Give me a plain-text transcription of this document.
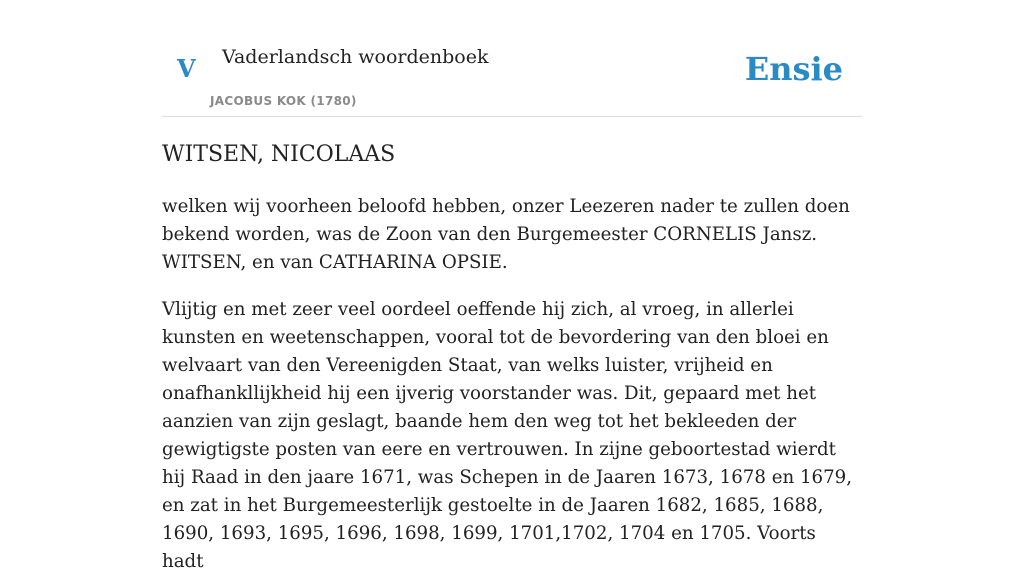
V Vaderlandsch woordenboek
JACOBUS KOK (1780)
Ensie
WITSEN, NICOLAAS

welken wij voorheen beloofd hebben, onzer Leezeren nader te zullen doen bekend worden, was de Zoon van den Burgemeester CORNELIS Jansz. WITSEN, en van CATHARINA OPSIE.

Vlijtig en met zeer veel oordeel oeffende hij zich, al vroeg, in allerlei kunsten en weetenschappen, vooral tot de bevordering van den bloei en welvaart van den Vereenigden Staat, van welks luister, vrijheid en onafhankllijkheid hij een ijverig voorstander was. Dit, gepaard met het aanzien van zijn geslagt, baande hem den weg tot het bekleeden der gewigtigste posten van eere en vertrouwen. In zijne geboortestad wierdt hij Raad in den jaare 1671, was Schepen in de Jaaren 1673, 1678 en 1679, en zat in het Burgemeesterlijk gestoelte in de Jaaren 1682, 1685, 1688, 1690, 1693, 1695, 1696, 1698, 1699, 1701,1702, 1704 en 1705. Voorts hadt
